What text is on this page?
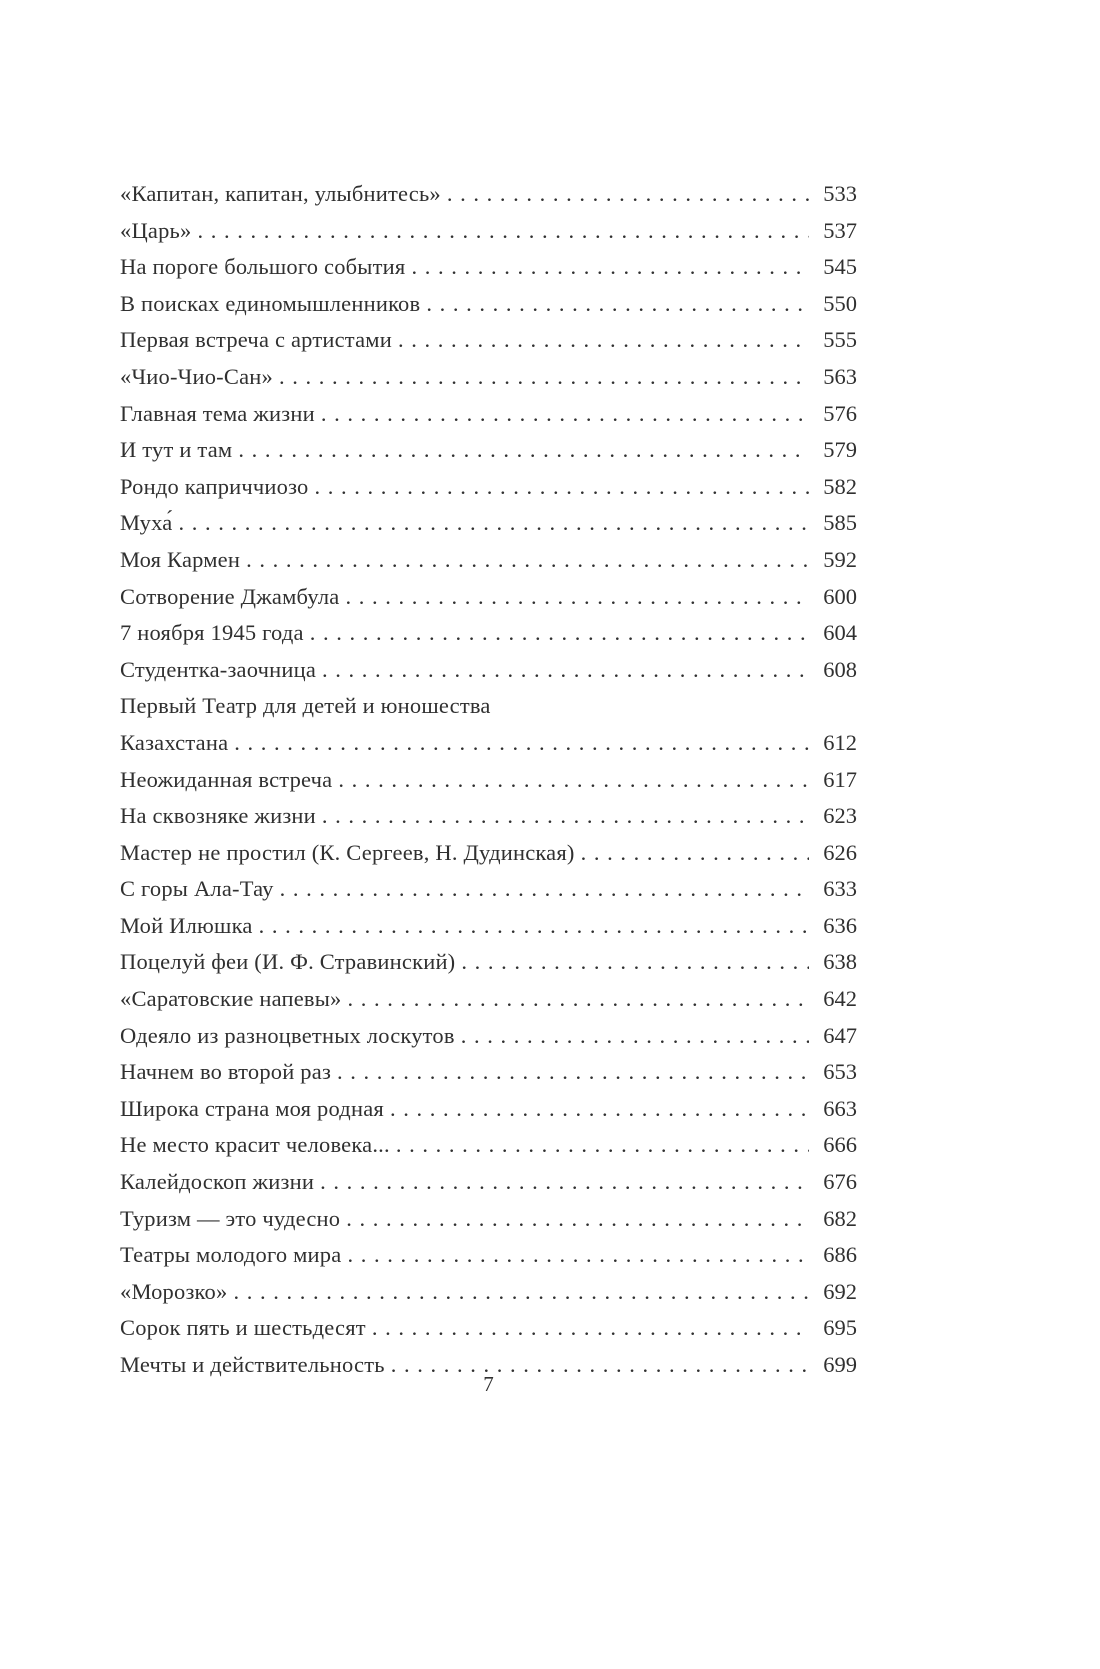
«Капитан, капитан, улыбнитесь» . . .	533
«Царь» . . .	537
На пороге большого события . . .	545
В поисках единомышленников . . .	550
Первая встреча с артистами . . .	555
«Чио-Чио-Сан» . . .	563
Главная тема жизни . . .	576
И тут и там . . .	579
Рондо каприччиозо . . .	582
Муха́ . . .	585
Моя Кармен . . .	592
Сотворение Джамбула . . .	600
7 ноября 1945 года . . .	604
Студентка-заочница . . .	608
Первый Театр для детей и юношества
Казахстана . . .	612
Неожиданная встреча . . .	617
На сквозняке жизни . . .	623
Мастер не простил (К. Сергеев, Н. Дудинская) . . .	626
С горы Ала-Тау . . .	633
Мой Илюшка . . .	636
Поцелуй феи (И. Ф. Стравинский) . . .	638
«Саратовские напевы» . . .	642
Одеяло из разноцветных лоскутов . . .	647
Начнем во второй раз . . .	653
Широка страна моя родная . . .	663
Не место красит человека... . . .	666
Калейдоскоп жизни . . .	676
Туризм — это чудесно . . .	682
Театры молодого мира . . .	686
«Морозко» . . .	692
Сорок пять и шестьдесят . . .	695
Мечты и действительность . . .	699
7
